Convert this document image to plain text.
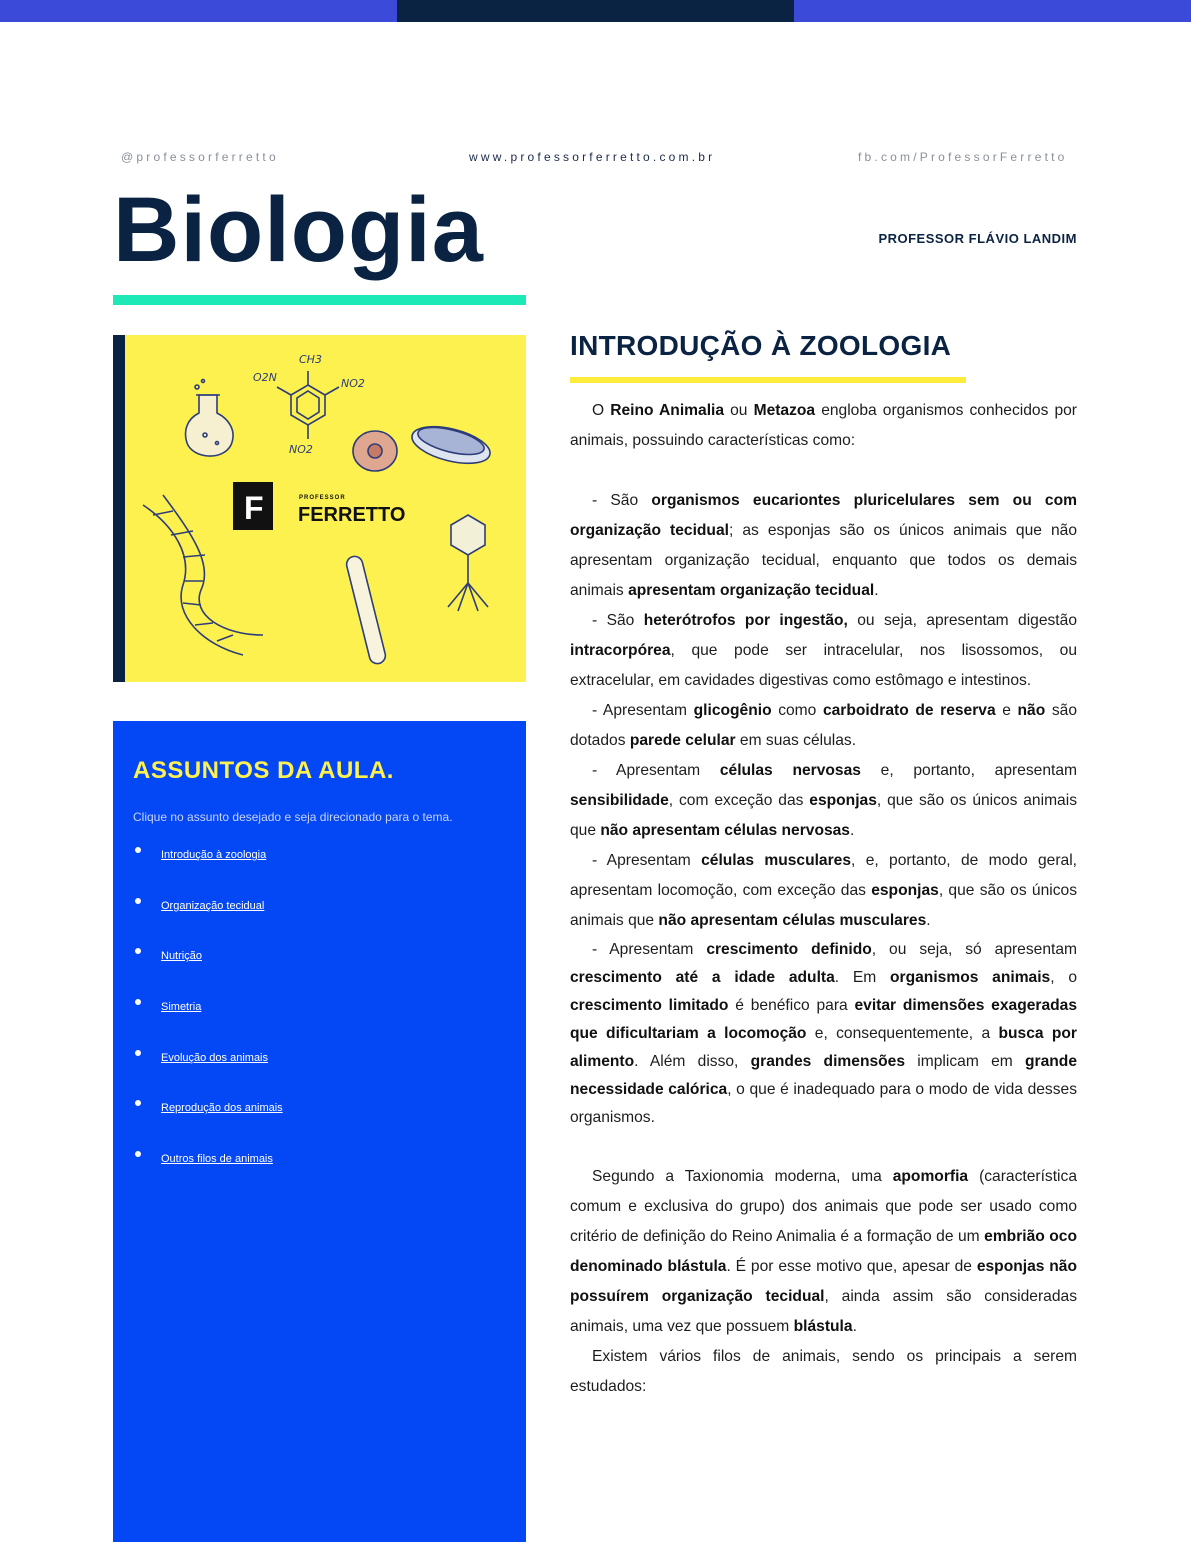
@professorferretto	www.professorferretto.com.br	fb.com/ProfessorFerretto
Biologia	PROFESSOR FLÁVIO LANDIM
CH3
O2N	NO2
NO2
F	PROFESSOR
FERRETTO
ASSUNTOS DA AULA.
Clique no assunto desejado e seja direcionado para o tema.
Introdução à zoologia
Organização tecidual
Nutrição
Simetria
Evolução dos animais
Reprodução dos animais
Outros filos de animais
INTRODUÇÃO À ZOOLOGIA

O Reino Animalia ou Metazoa engloba organismos conhecidos por animais, possuindo características como:

- São organismos eucariontes pluricelulares sem ou com organização tecidual; as esponjas são os únicos animais que não apresentam organização tecidual, enquanto que todos os demais animais apresentam organização tecidual.

- São heterótrofos por ingestão, ou seja, apresentam digestão intracorpórea, que pode ser intracelular, nos lisossomos, ou extracelular, em cavidades digestivas como estômago e intestinos.

- Apresentam glicogênio como carboidrato de reserva e não são dotados parede celular em suas células.

- Apresentam células nervosas e, portanto, apresentam sensibilidade, com exceção das esponjas, que são os únicos animais que não apresentam células nervosas.

- Apresentam células musculares, e, portanto, de modo geral, apresentam locomoção, com exceção das esponjas, que são os únicos animais que não apresentam células musculares.

- Apresentam crescimento definido, ou seja, só apresentam crescimento até a idade adulta. Em organismos animais, o crescimento limitado é benéfico para evitar dimensões exageradas que dificultariam a locomoção e, consequentemente, a busca por alimento. Além disso, grandes dimensões implicam em grande necessidade calórica, o que é inadequado para o modo de vida desses organismos.

Segundo a Taxionomia moderna, uma apomorfia (característica comum e exclusiva do grupo) dos animais que pode ser usado como critério de definição do Reino Animalia é a formação de um embrião oco denominado blástula. É por esse motivo que, apesar de esponjas não possuírem organização tecidual, ainda assim são consideradas animais, uma vez que possuem blástula.

Existem vários filos de animais, sendo os principais a serem estudados:
